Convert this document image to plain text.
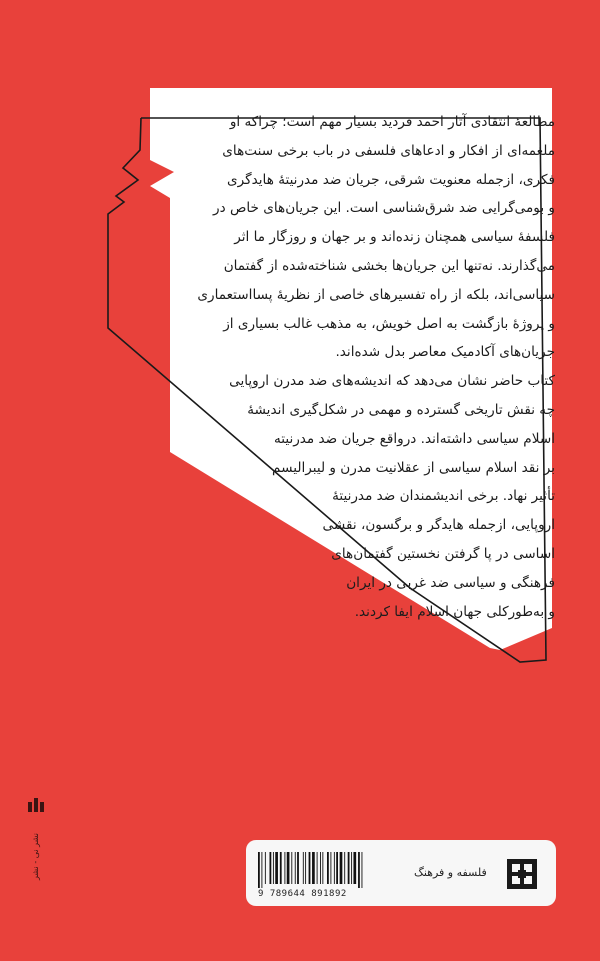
مطالعهٔ انتقادی آثار احمد فردید بسیار مهم است؛ چراکه او
ملغمه‌ای از افکار و ادعاهای فلسفی در باب برخی سنت‌های
فکری، ازجمله معنویت شرقی، جریان ضد مدرنیتهٔ هایدگری
و بومی‌گرایی ضد شرق‌شناسی است. این جریان‌های خاص در
فلسفهٔ سیاسی همچنان زنده‌اند و بر جهان و روزگار ما اثر
می‌گذارند. نه‌تنها این جریان‌ها بخشی شناخته‌شده از گفتمان
سیاسی‌اند، بلکه از راه تفسیرهای خاصی از نظریهٔ پسااستعماری
و پروژهٔ بازگشت به اصل خویش، به مذهب غالب بسیاری از
جریان‌های آکادمیک معاصر بدل شده‌اند.
کتاب حاضر نشان می‌دهد که اندیشه‌های ضد مدرن اروپایی
چه نقش تاریخی گسترده و مهمی در شکل‌گیری اندیشهٔ
اسلام سیاسی داشته‌اند. درواقع جریان ضد مدرنیته
بر نقد اسلام سیاسی از عقلانیت مدرن و لیبرالیسم
تأثیر نهاد. برخی اندیشمندان ضد مدرنیتهٔ
اروپایی، ازجمله هایدگر و برگسون، نقشی
اساسی در پا گرفتن نخستین گفتمان‌های
فرهنگی و سیاسی ضد غربی در ایران
و به‌طورکلی جهان اسلام ایفا کردند.
نشر نی - نشر
9 789644 891892
فلسفه و فرهنگ
